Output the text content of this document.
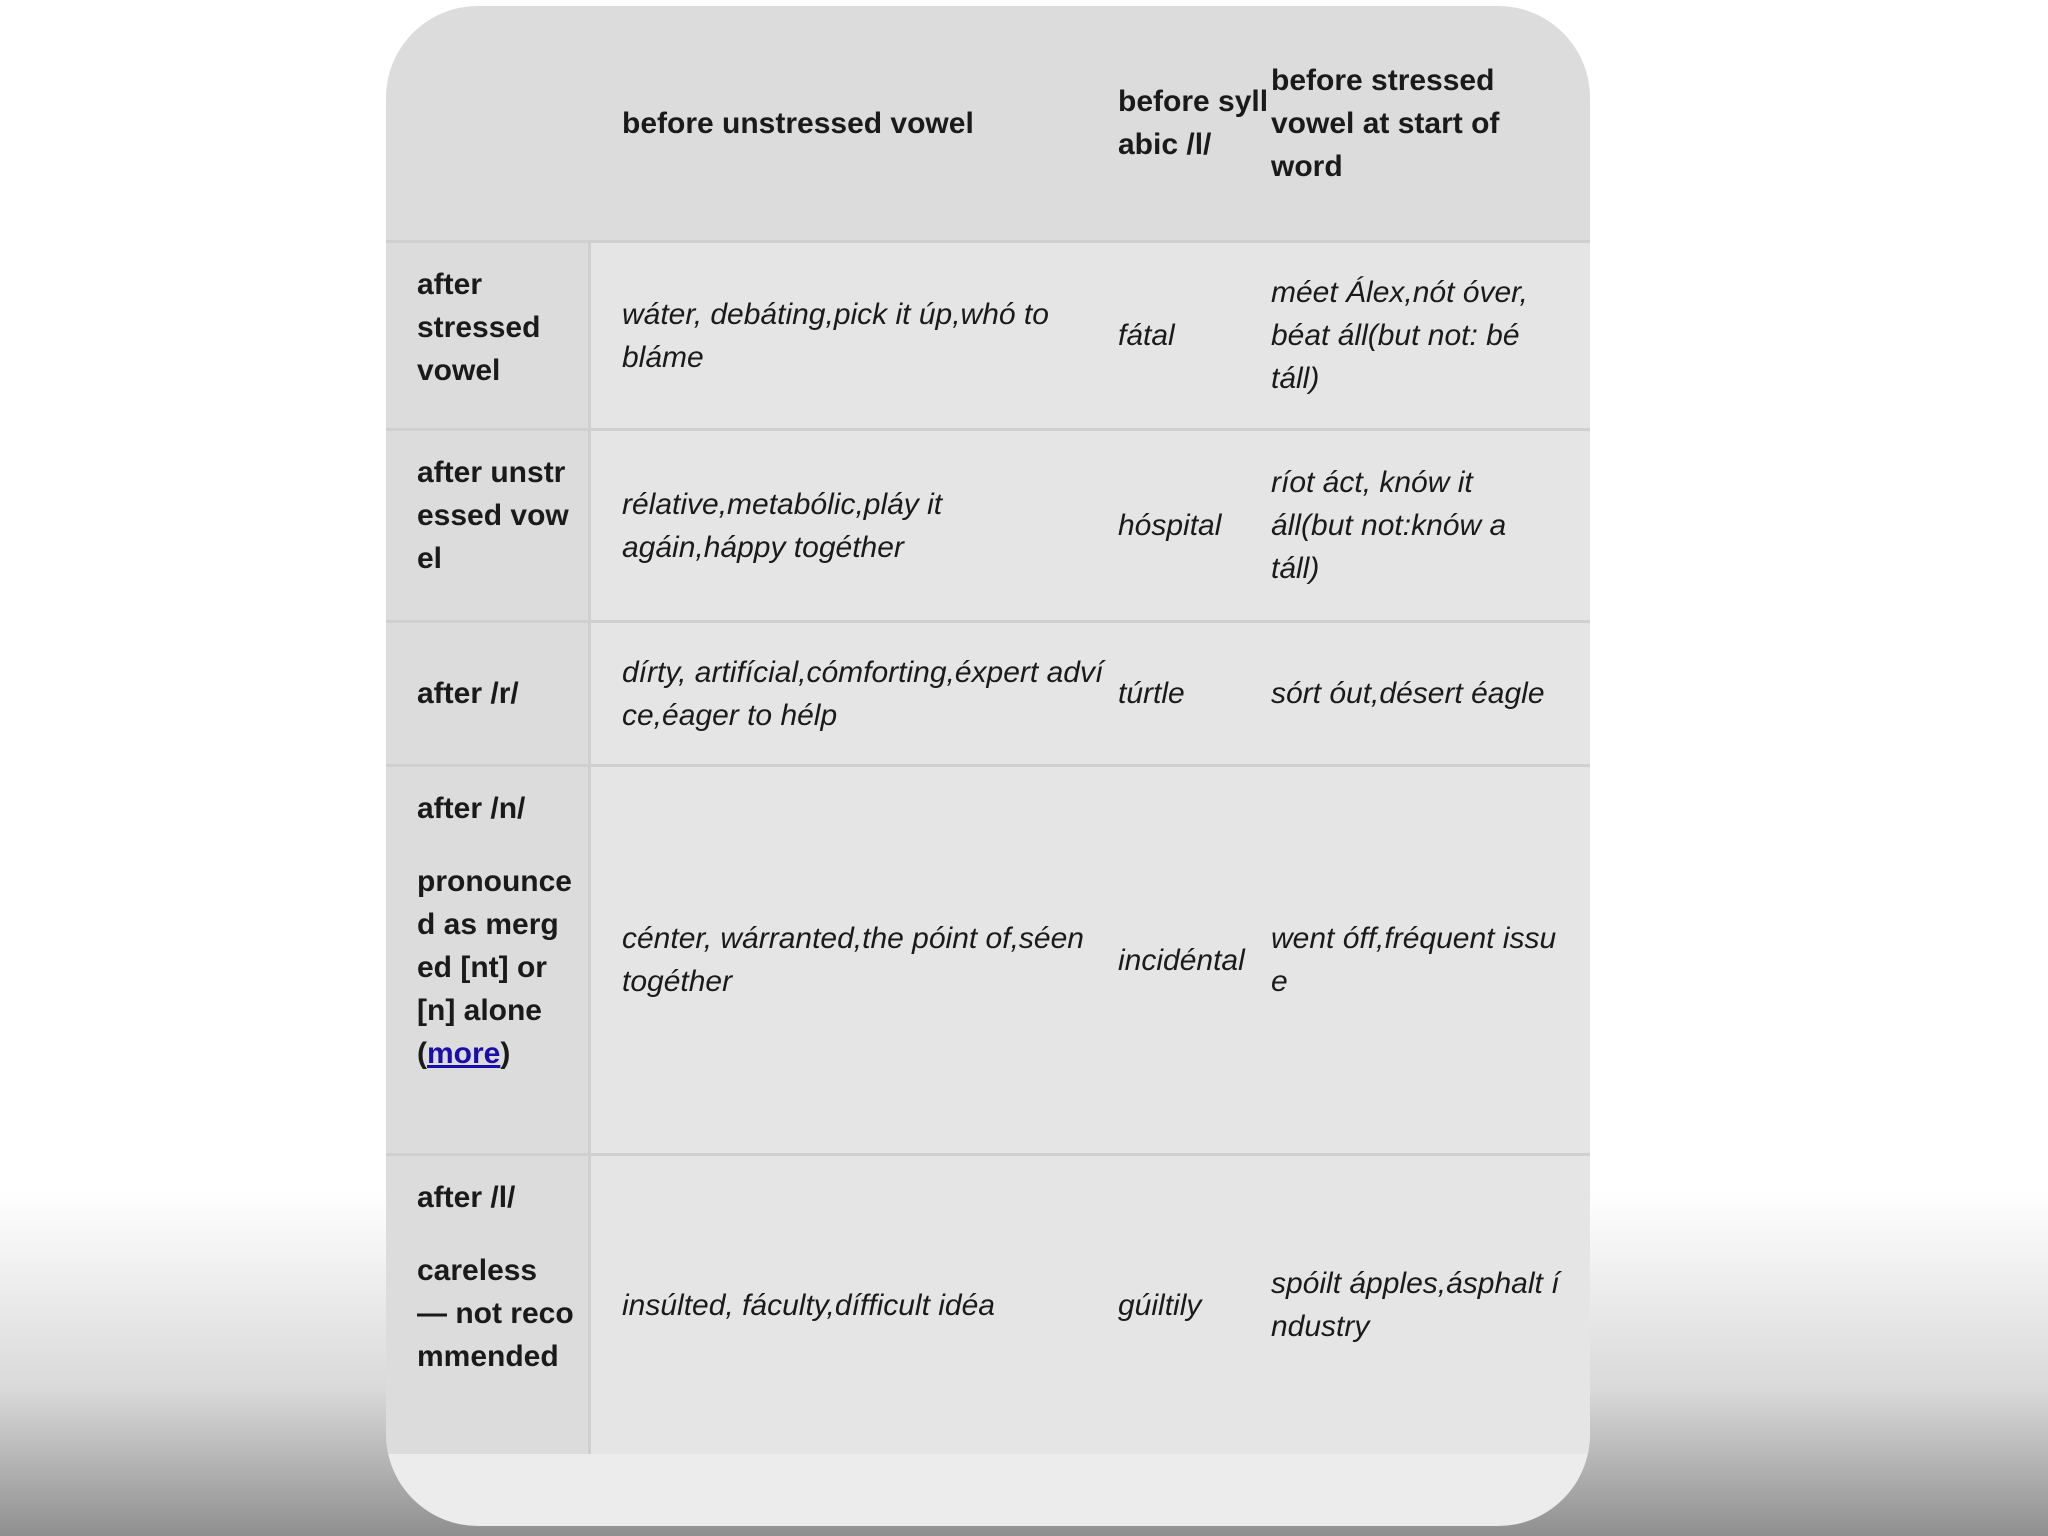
before unstressed vowel
before syllabic /l/
before stressed vowel at start of word
after stressed vowel
wáter, debáting,pick it úp,whó to bláme
fátal
méet Álex,nót óver, béat áll(but not: bé táll)
after unstressed vowel
rélative,metabólic,pláy it agáin,háppy togéther
hóspital
ríot áct, knów it áll(but not:knów a táll)
after /r/
dírty, artifícial,cómforting,éxpert advíce,éager to hélp
túrtle	sórt óut,désert éagle
after /n/
pronounced as merged [nt] or [n] alone
(more)
cénter, wárranted,the póint of,séen togéther
incidéntal
went óff,fréquent issue
after /l/
careless — not recommended
insúlted, fáculty,dífficult idéa	gúiltily
spóilt ápples,ásphalt índustry
